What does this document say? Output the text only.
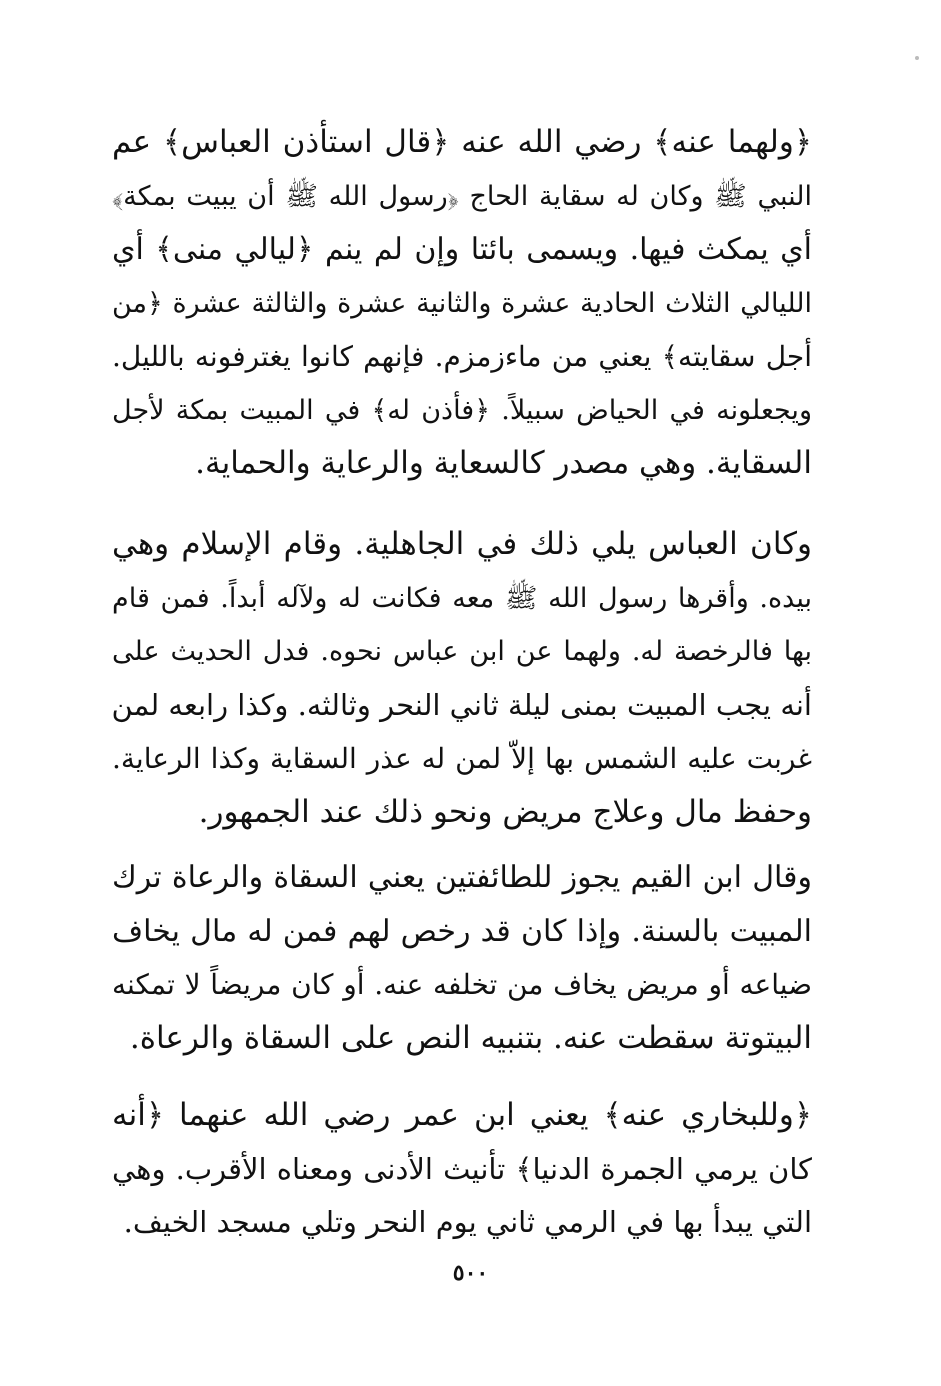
﴿ولهما عنه﴾ رضي الله عنه ﴿قال استأذن العباس﴾ عم
النبي ﷺ وكان له سقاية الحاج ﴿رسول الله ﷺ أن يبيت بمكة﴾
أي يمكث فيها. ويسمى بائتا وإن لم ينم ﴿ليالي منى﴾ أي
الليالي الثلاث الحادية عشرة والثانية عشرة والثالثة عشرة ﴿من
أجل سقايته﴾ يعني من ماءزمزم. فإنهم كانوا يغترفونه بالليل.
ويجعلونه في الحياض سبيلاً. ﴿فأذن له﴾ في المبيت بمكة لأجل
السقاية. وهي مصدر كالسعاية والرعاية والحماية.

وكان العباس يلي ذلك في الجاهلية. وقام الإسلام وهي
بيده. وأقرها رسول الله ﷺ معه فكانت له ولآله أبداً. فمن قام
بها فالرخصة له. ولهما عن ابن عباس نحوه. فدل الحديث على
أنه يجب المبيت بمنى ليلة ثاني النحر وثالثه. وكذا رابعه لمن
غربت عليه الشمس بها إلاّ لمن له عذر السقاية وكذا الرعاية.
وحفظ مال وعلاج مريض ونحو ذلك عند الجمهور.

وقال ابن القيم يجوز للطائفتين يعني السقاة والرعاة ترك
المبيت بالسنة. وإذا كان قد رخص لهم فمن له مال يخاف
ضياعه أو مريض يخاف من تخلفه عنه. أو كان مريضاً لا تمكنه
البيتوتة سقطت عنه. بتنبيه النص على السقاة والرعاة.

﴿وللبخاري عنه﴾ يعني ابن عمر رضي الله عنهما ﴿أنه
كان يرمي الجمرة الدنيا﴾ تأنيث الأدنى ومعناه الأقرب. وهي
التي يبدأ بها في الرمي ثاني يوم النحر وتلي مسجد الخيف.

٥٠٠
